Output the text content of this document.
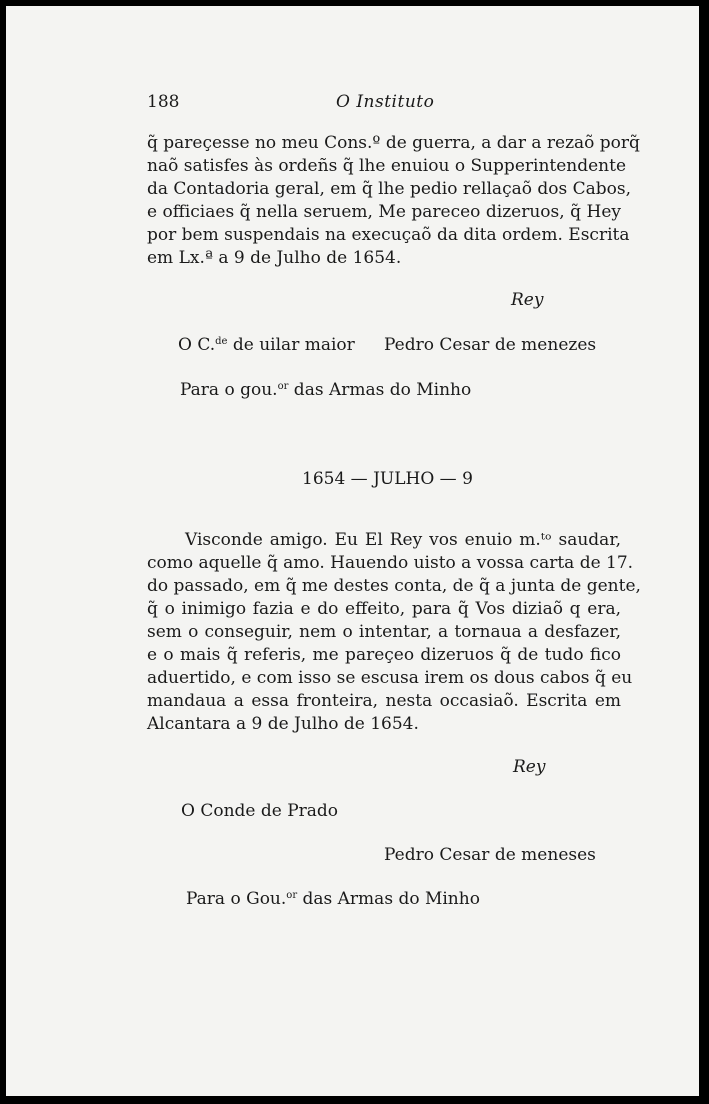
188	O Instituto
q̃ pareçesse no meu Cons.º de guerra, a dar a rezaõ porq̃
naõ satisfes às ordeñs q̃ lhe enuiou o Supperintendente
da Contadoria geral, em q̃ lhe pedio rellaçaõ dos Cabos,
e officiaes q̃ nella seruem, Me pareceo dizeruos, q̃ Hey
por bem suspendais na execuçaõ da dita ordem. Escrita
em Lx.ª a 9 de Julho de 1654.
Rey
O C.$^{de}$ de uilar maior Pedro Cesar de menezes
Para o gou.$^{or}$ das Armas do Minho
1654 — JULHO — 9
Visconde amigo. Eu El Rey vos enuio m.ᵗᵒ saudar,
como aquelle q̃ amo. Hauendo uisto a vossa carta de 17.
do passado, em q̃ me destes conta, de q̃ a junta de gente,
q̃ o inimigo fazia e do effeito, para q̃ Vos diziaõ q era,
sem o conseguir, nem o intentar, a tornaua a desfazer,
e o mais q̃ referis, me pareçeo dizeruos q̃ de tudo fico
aduertido, e com isso se escusa irem os dous cabos q̃ eu
mandaua a essa fronteira, nesta occasiaõ. Escrita em
Alcantara a 9 de Julho de 1654.
Rey
O Conde de Prado
Pedro Cesar de meneses
Para o Gou.$^{or}$ das Armas do Minho
